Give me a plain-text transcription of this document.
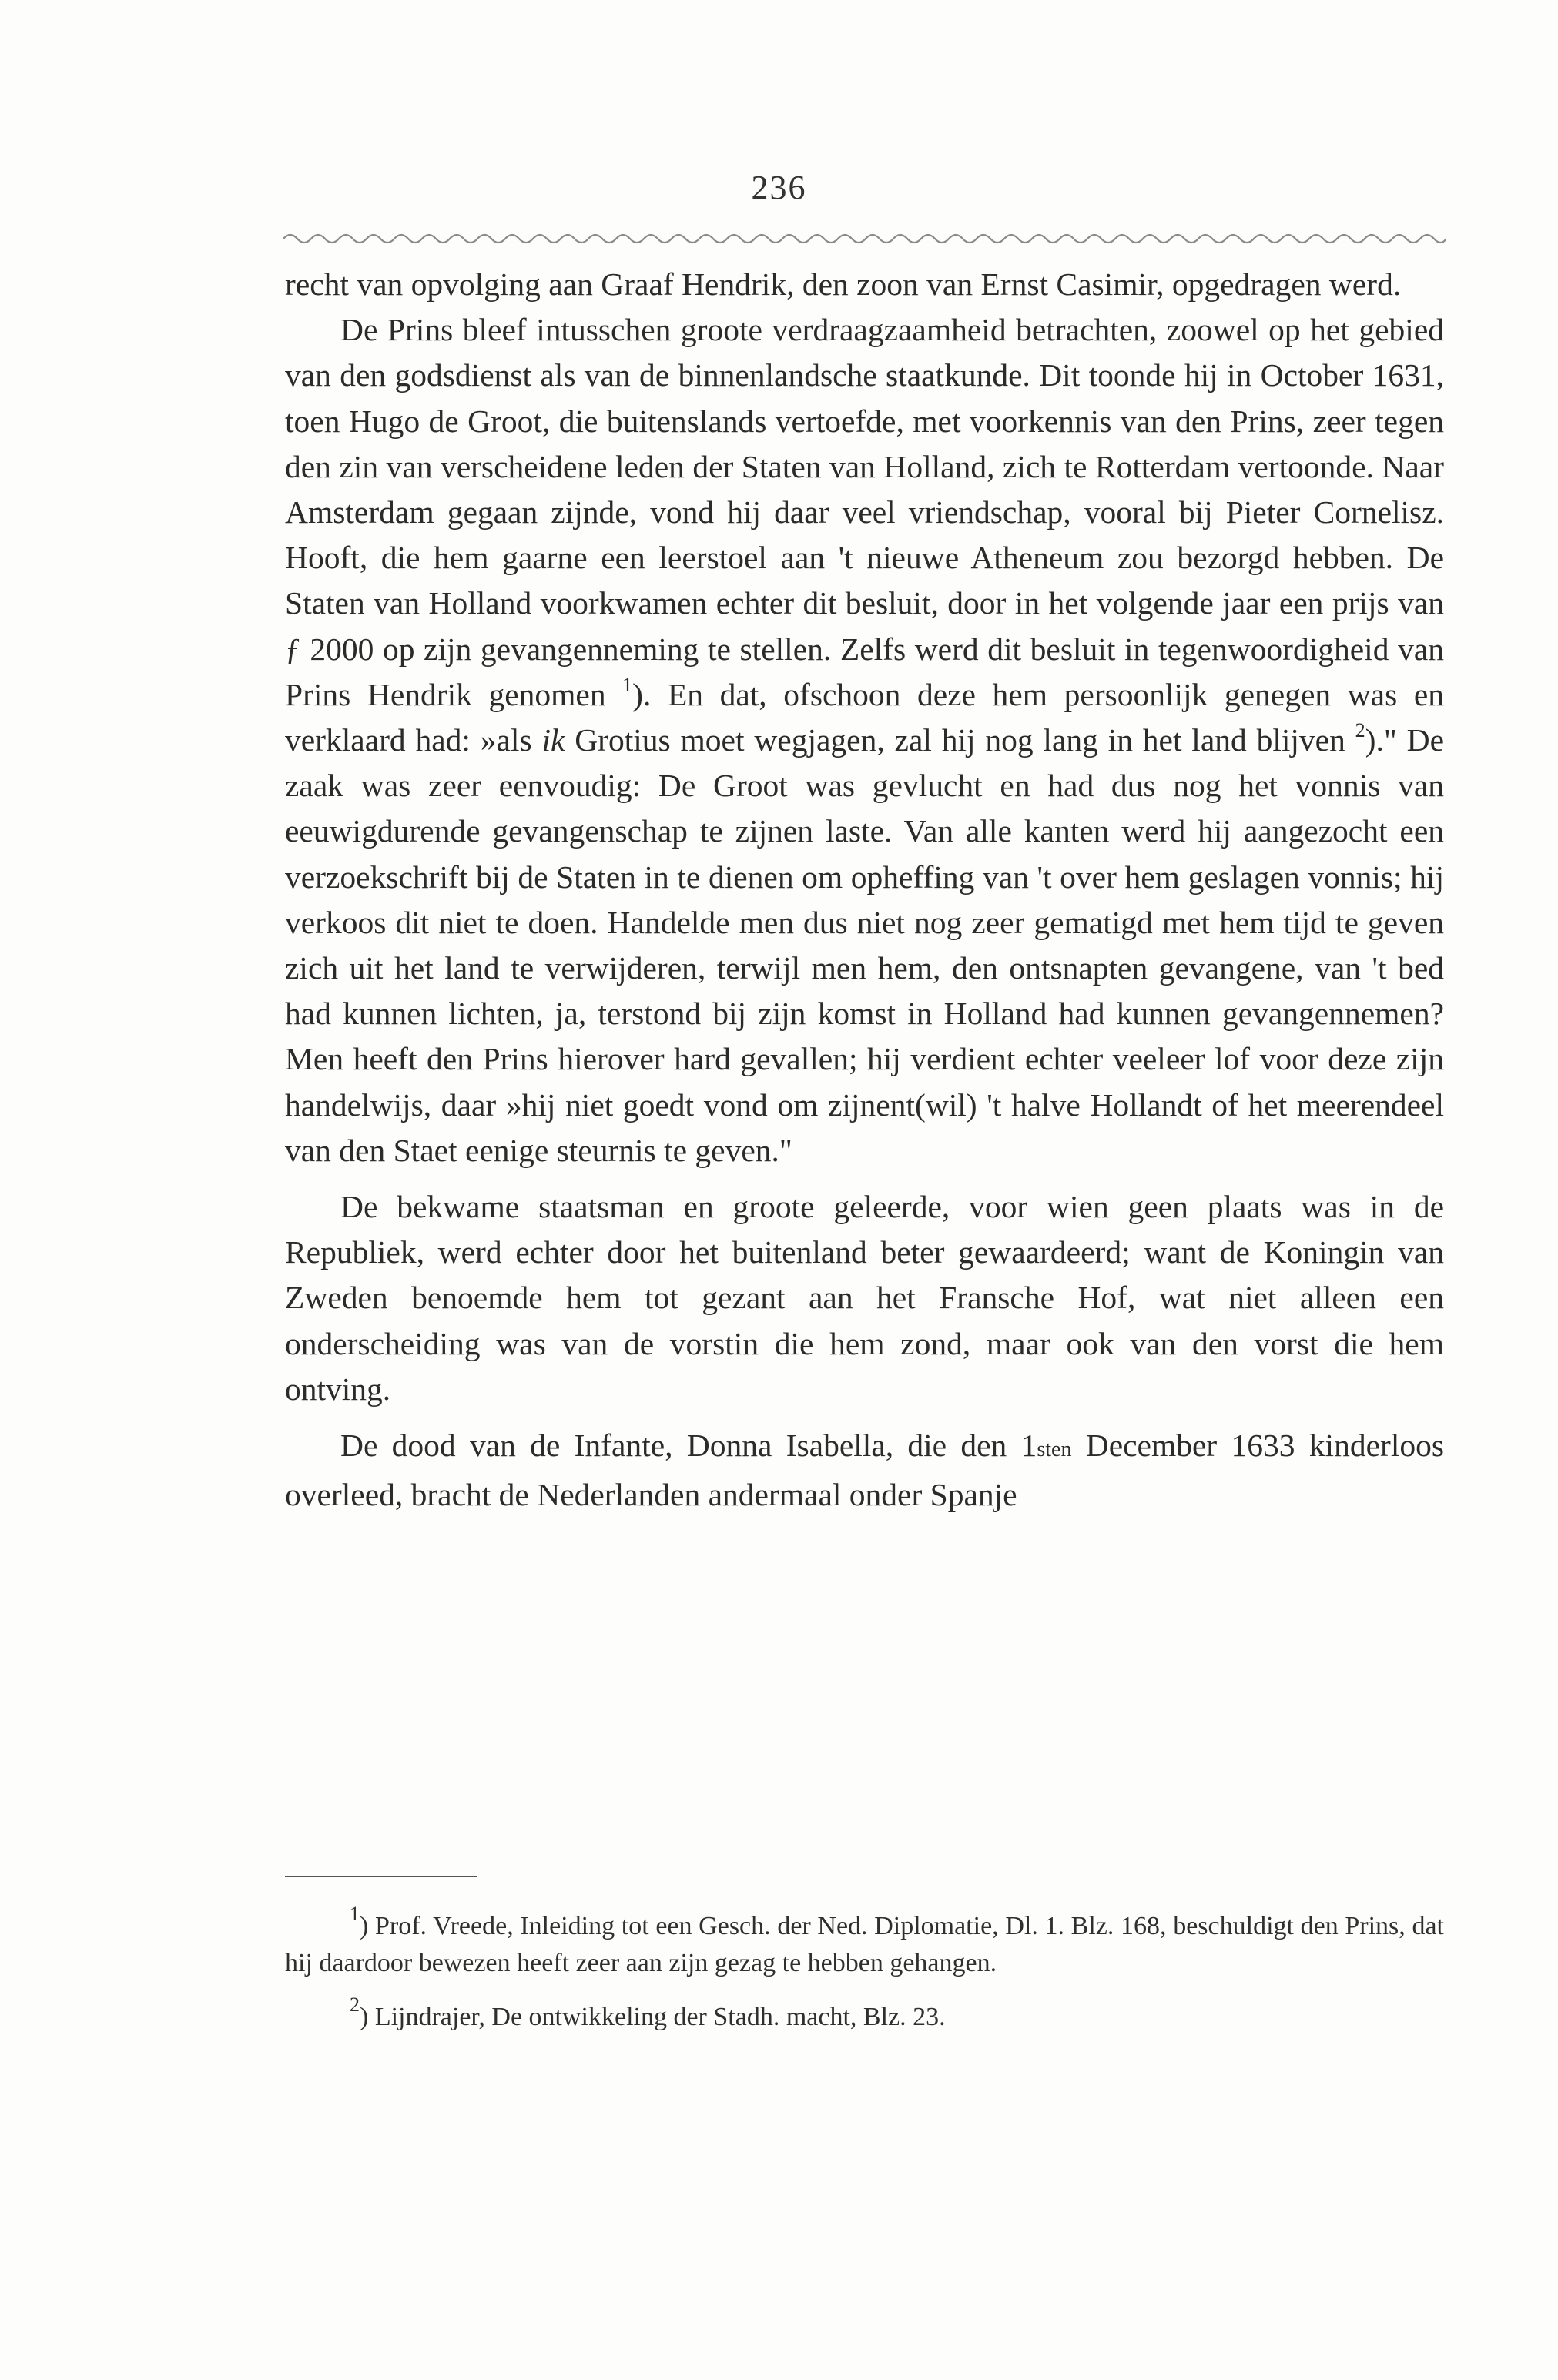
236

recht van opvolging aan Graaf Hendrik, den zoon van Ernst Casimir, opgedragen werd.

De Prins bleef intusschen groote verdraagzaamheid betrachten, zoowel op het gebied van den godsdienst als van de binnenlandsche staatkunde. Dit toonde hij in October 1631, toen Hugo de Groot, die buitenslands vertoefde, met voorkennis van den Prins, zeer tegen den zin van verscheidene leden der Staten van Holland, zich te Rotterdam vertoonde. Naar Amsterdam gegaan zijnde, vond hij daar veel vriendschap, vooral bij Pieter Cornelisz. Hooft, die hem gaarne een leerstoel aan 't nieuwe Atheneum zou bezorgd hebben. De Staten van Holland voorkwamen echter dit besluit, door in het volgende jaar een prijs van ƒ 2000 op zijn gevangenneming te stellen. Zelfs werd dit besluit in tegenwoordigheid van Prins Hendrik genomen $^1$). En dat, ofschoon deze hem persoonlijk genegen was en verklaard had: »als ik Grotius moet wegjagen, zal hij nog lang in het land blijven $^2$)." De zaak was zeer eenvoudig: De Groot was gevlucht en had dus nog het vonnis van eeuwigdurende gevangenschap te zijnen laste. Van alle kanten werd hij aangezocht een verzoekschrift bij de Staten in te dienen om opheffing van 't over hem geslagen vonnis; hij verkoos dit niet te doen. Handelde men dus niet nog zeer gematigd met hem tijd te geven zich uit het land te verwijderen, terwijl men hem, den ontsnapten gevangene, van 't bed had kunnen lichten, ja, terstond bij zijn komst in Holland had kunnen gevangennemen? Men heeft den Prins hierover hard gevallen; hij verdient echter veeleer lof voor deze zijn handelwijs, daar »hij niet goedt vond om zijnent(wil) 't halve Hollandt of het meerendeel van den Staet eenige steurnis te geven."

De bekwame staatsman en groote geleerde, voor wien geen plaats was in de Republiek, werd echter door het buitenland beter gewaardeerd; want de Koningin van Zweden benoemde hem tot gezant aan het Fransche Hof, wat niet alleen een onderscheiding was van de vorstin die hem zond, maar ook van den vorst die hem ontving.

De dood van de Infante, Donna Isabella, die den 1sten December 1633 kinderloos overleed, bracht de Nederlanden andermaal onder Spanje

$^1$) Prof. Vreede, Inleiding tot een Gesch. der Ned. Diplomatie, Dl. 1. Blz. 168, beschuldigt den Prins, dat hij daardoor bewezen heeft zeer aan zijn gezag te hebben gehangen.

$^2$) Lijndrajer, De ontwikkeling der Stadh. macht, Blz. 23.
